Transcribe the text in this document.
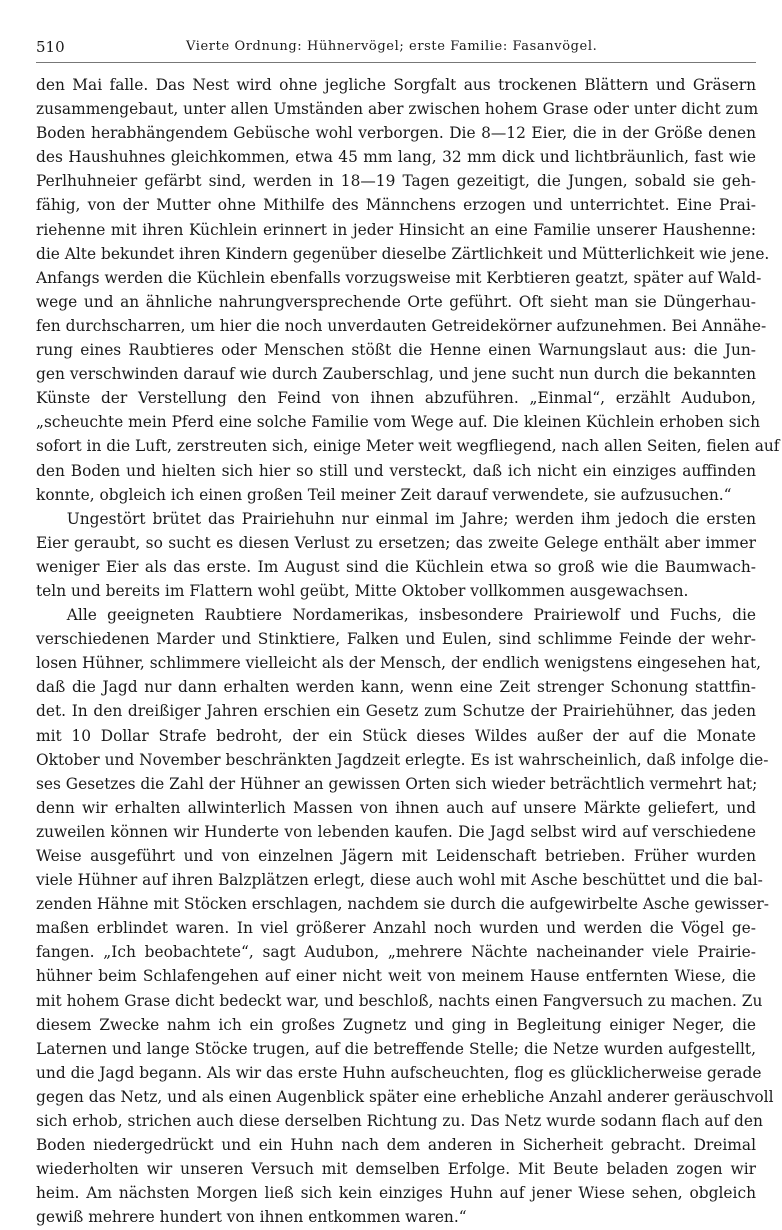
510	Vierte Ordnung: Hühnervögel; erste Familie: Fasanvögel.
den Mai falle. Das Nest wird ohne jegliche Sorgfalt aus trockenen Blättern und Gräsern
zusammengebaut, unter allen Umständen aber zwischen hohem Grase oder unter dicht zum
Boden herabhängendem Gebüsche wohl verborgen. Die 8—12 Eier, die in der Größe denen
des Haushuhnes gleichkommen, etwa 45 mm lang, 32 mm dick und lichtbräunlich, fast wie
Perlhuhneier gefärbt sind, werden in 18—19 Tagen gezeitigt, die Jungen, sobald sie geh-
fähig, von der Mutter ohne Mithilfe des Männchens erzogen und unterrichtet. Eine Prai-
riehenne mit ihren Küchlein erinnert in jeder Hinsicht an eine Familie unserer Haushenne:
die Alte bekundet ihren Kindern gegenüber dieselbe Zärtlichkeit und Mütterlichkeit wie jene.
Anfangs werden die Küchlein ebenfalls vorzugsweise mit Kerbtieren geatzt, später auf Wald-
wege und an ähnliche nahrungversprechende Orte geführt. Oft sieht man sie Düngerhau-
fen durchscharren, um hier die noch unverdauten Getreidekörner aufzunehmen. Bei Annähe-
rung eines Raubtieres oder Menschen stößt die Henne einen Warnungslaut aus: die Jun-
gen verschwinden darauf wie durch Zauberschlag, und jene sucht nun durch die bekannten
Künste der Verstellung den Feind von ihnen abzuführen. „Einmal“, erzählt Audubon,
„scheuchte mein Pferd eine solche Familie vom Wege auf. Die kleinen Küchlein erhoben sich
sofort in die Luft, zerstreuten sich, einige Meter weit wegfliegend, nach allen Seiten, fielen auf
den Boden und hielten sich hier so still und versteckt, daß ich nicht ein einziges auffinden
konnte, obgleich ich einen großen Teil meiner Zeit darauf verwendete, sie aufzusuchen.“
Ungestört brütet das Prairiehuhn nur einmal im Jahre; werden ihm jedoch die ersten
Eier geraubt, so sucht es diesen Verlust zu ersetzen; das zweite Gelege enthält aber immer
weniger Eier als das erste. Im August sind die Küchlein etwa so groß wie die Baumwach-
teln und bereits im Flattern wohl geübt, Mitte Oktober vollkommen ausgewachsen.
Alle geeigneten Raubtiere Nordamerikas, insbesondere Prairiewolf und Fuchs, die
verschiedenen Marder und Stinktiere, Falken und Eulen, sind schlimme Feinde der wehr-
losen Hühner, schlimmere vielleicht als der Mensch, der endlich wenigstens eingesehen hat,
daß die Jagd nur dann erhalten werden kann, wenn eine Zeit strenger Schonung stattfin-
det. In den dreißiger Jahren erschien ein Gesetz zum Schutze der Prairiehühner, das jeden
mit 10 Dollar Strafe bedroht, der ein Stück dieses Wildes außer der auf die Monate
Oktober und November beschränkten Jagdzeit erlegte. Es ist wahrscheinlich, daß infolge die-
ses Gesetzes die Zahl der Hühner an gewissen Orten sich wieder beträchtlich vermehrt hat;
denn wir erhalten allwinterlich Massen von ihnen auch auf unsere Märkte geliefert, und
zuweilen können wir Hunderte von lebenden kaufen. Die Jagd selbst wird auf verschiedene
Weise ausgeführt und von einzelnen Jägern mit Leidenschaft betrieben. Früher wurden
viele Hühner auf ihren Balzplätzen erlegt, diese auch wohl mit Asche beschüttet und die bal-
zenden Hähne mit Stöcken erschlagen, nachdem sie durch die aufgewirbelte Asche gewisser-
maßen erblindet waren. In viel größerer Anzahl noch wurden und werden die Vögel ge-
fangen. „Ich beobachtete“, sagt Audubon, „mehrere Nächte nacheinander viele Prairie-
hühner beim Schlafengehen auf einer nicht weit von meinem Hause entfernten Wiese, die
mit hohem Grase dicht bedeckt war, und beschloß, nachts einen Fangversuch zu machen. Zu
diesem Zwecke nahm ich ein großes Zugnetz und ging in Begleitung einiger Neger, die
Laternen und lange Stöcke trugen, auf die betreffende Stelle; die Netze wurden aufgestellt,
und die Jagd begann. Als wir das erste Huhn aufscheuchten, flog es glücklicherweise gerade
gegen das Netz, und als einen Augenblick später eine erhebliche Anzahl anderer geräuschvoll
sich erhob, strichen auch diese derselben Richtung zu. Das Netz wurde sodann flach auf den
Boden niedergedrückt und ein Huhn nach dem anderen in Sicherheit gebracht. Dreimal
wiederholten wir unseren Versuch mit demselben Erfolge. Mit Beute beladen zogen wir
heim. Am nächsten Morgen ließ sich kein einziges Huhn auf jener Wiese sehen, obgleich
gewiß mehrere hundert von ihnen entkommen waren.“
